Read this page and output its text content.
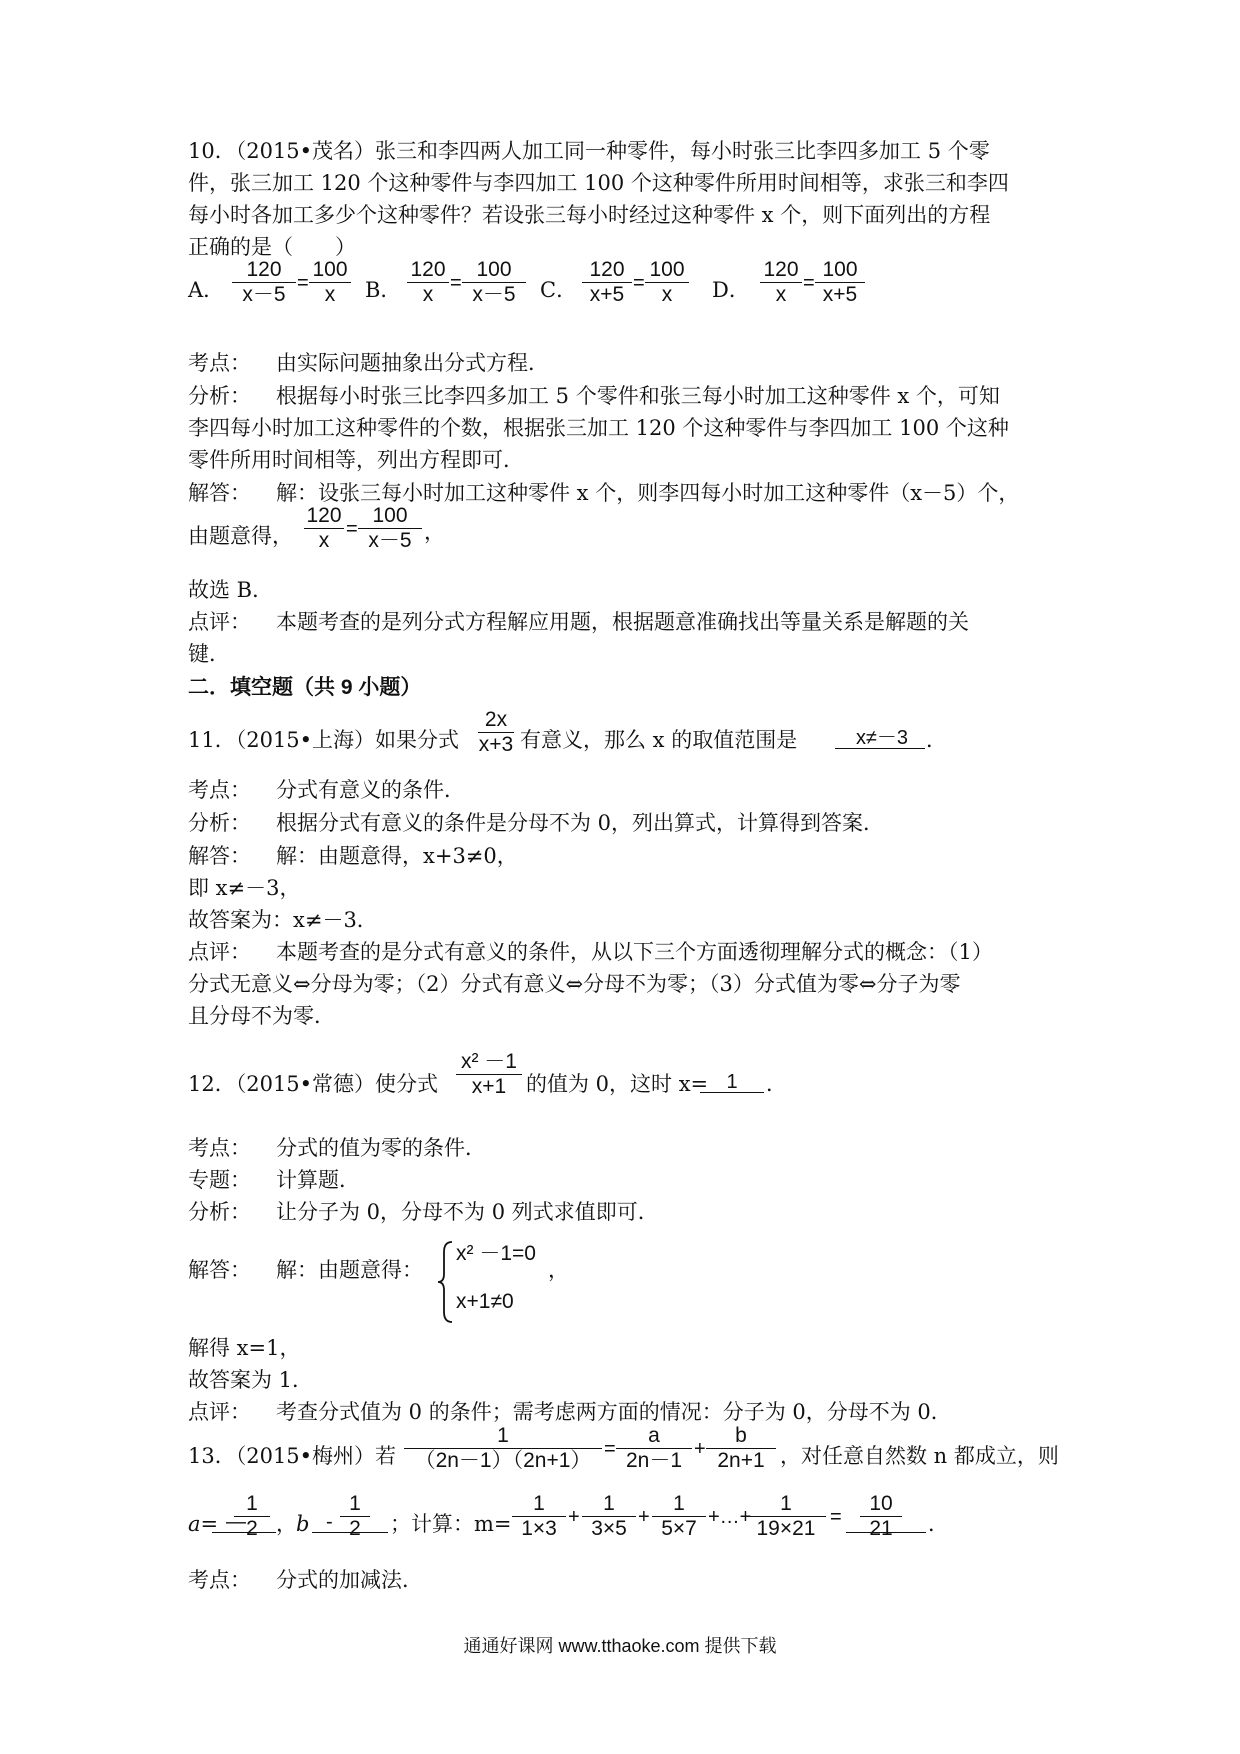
10．（2015•茂名）张三和李四两人加工同一种零件，每小时张三比李四多加工 5 个零
件，张三加工 120 个这种零件与李四加工 100 个这种零件所用时间相等，求张三和李四
每小时各加工多少个这种零件？若设张三每小时经过这种零件 x 个，则下面列出的方程
正确的是（　　）
A．
120
x－5 =
100
x	B．
120
x =
100
x－5	C．
120
x+5 =
100
x	D．
120
x =
100
x+5
考点： 由实际问题抽象出分式方程．
分析： 根据每小时张三比李四多加工 5 个零件和张三每小时加工这种零件 x 个，可知
李四每小时加工这种零件的个数，根据张三加工 120 个这种零件与李四加工 100 个这种
零件所用时间相等，列出方程即可．
解答： 解：设张三每小时加工这种零件 x 个，则李四每小时加工这种零件（x－5）个，
由题意得，
120
x =
100
x－5 ，
故选 B．
点评： 本题考查的是列分式方程解应用题，根据题意准确找出等量关系是解题的关
键．
二．填空题（共 9 小题）
11．（2015•上海）如果分式
2x
x+3 有意义，那么 x 的取值范围是	x≠－3 ．
考点： 分式有意义的条件．
分析： 根据分式有意义的条件是分母不为 0，列出算式，计算得到答案．
解答： 解：由题意得，x+3≠0，
即 x≠－3，
故答案为：x≠－3．
点评： 本题考查的是分式有意义的条件，从以下三个方面透彻理解分式的概念：（1）
分式无意义⇔分母为零；（2）分式有意义⇔分母不为零；（3）分式值为零⇔分子为零
且分母不为零．
12．（2015•常德）使分式
x² －1
x+1 的值为 0，这时 x= 1	．
考点： 分式的值为零的条件．
专题： 计算题．
分析： 让分子为 0，分母不为 0 列式求值即可．
解答： 解：由题意得：
x² －1=0
x+1≠0
，
解得 x=1，
故答案为 1．
点评： 考查分式值为 0 的条件；需考虑两方面的情况：分子为 0，分母不为 0．
13．（2015•梅州）若
1
（2n－1）（2n+1） =
a
2n－1 +
b
2n+1 ，对任意自然数 n 都成立，则
a= —
1
2 ， b -
1
2	；计算：m=
1
1×3 +
1
3×5 +
1
5×7 +…+
1
19×21 =
10
21	．
考点： 分式的加减法．
通通好课网 www.tthaoke.com 提供下载
